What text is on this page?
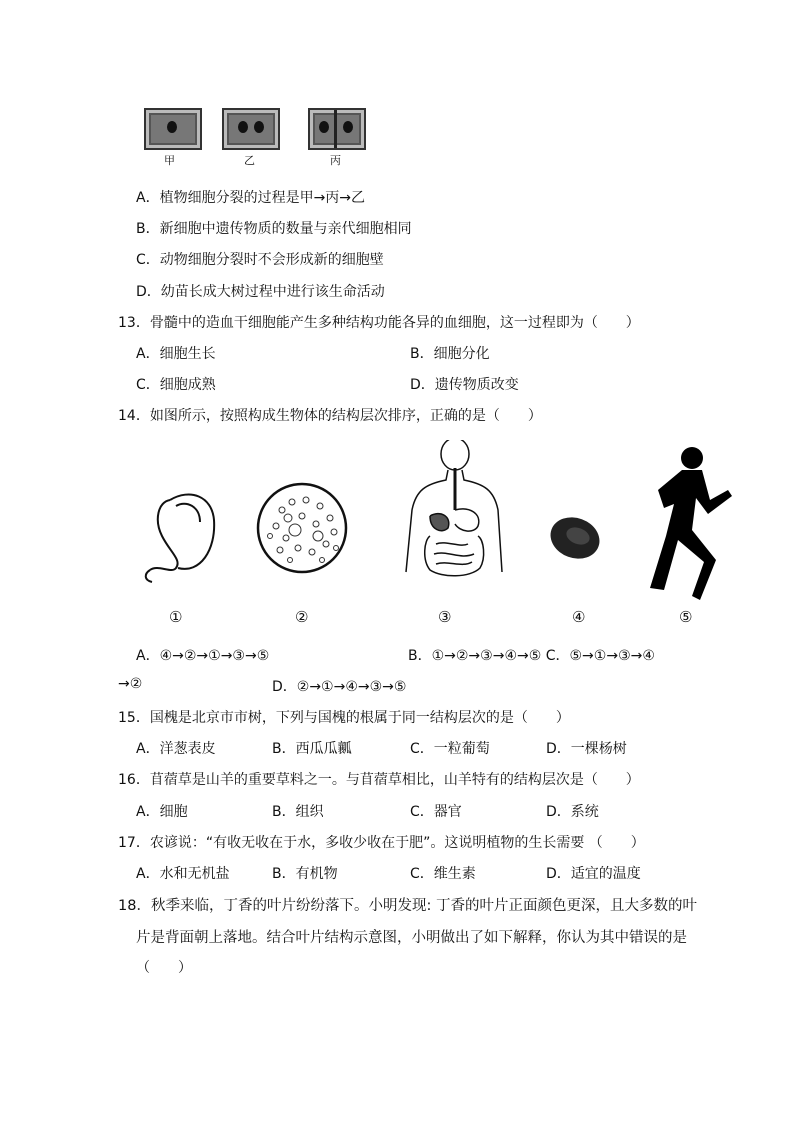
甲	乙	丙
A．植物细胞分裂的过程是甲→丙→乙
B．新细胞中遗传物质的数量与亲代细胞相同
C．动物细胞分裂时不会形成新的细胞壁
D．幼苗长成大树过程中进行该生命活动
13．骨髓中的造血干细胞能产生多种结构功能各异的血细胞，这一过程即为（　　）
A．细胞生长	B．细胞分化
C．细胞成熟	D．遗传物质改变
14．如图所示，按照构成生物体的结构层次排序，正确的是（　　）
①	②	③	④	⑤
A．④→②→①→③→⑤	B．①→②→③→④→⑤ C．⑤→①→③→④
→②	D．②→①→④→③→⑤
15．国槐是北京市市树，下列与国槐的根属于同一结构层次的是（　　）
A．洋葱表皮	B．西瓜瓜瓤	C．一粒葡萄	D．一棵杨树
16．苜蓿草是山羊的重要草料之一。与苜蓿草相比，山羊特有的结构层次是（　　）
A．细胞	B．组织	C．器官	D．系统
17．农谚说：“有收无收在于水，多收少收在于肥”。这说明植物的生长需要 （　　）
A．水和无机盐	B．有机物	C．维生素	D．适宜的温度
18．秋季来临，丁香的叶片纷纷落下。小明发现: 丁香的叶片正面颜色更深，且大多数的叶
片是背面朝上落地。结合叶片结构示意图，小明做出了如下解释，你认为其中错误的是
（　　）
